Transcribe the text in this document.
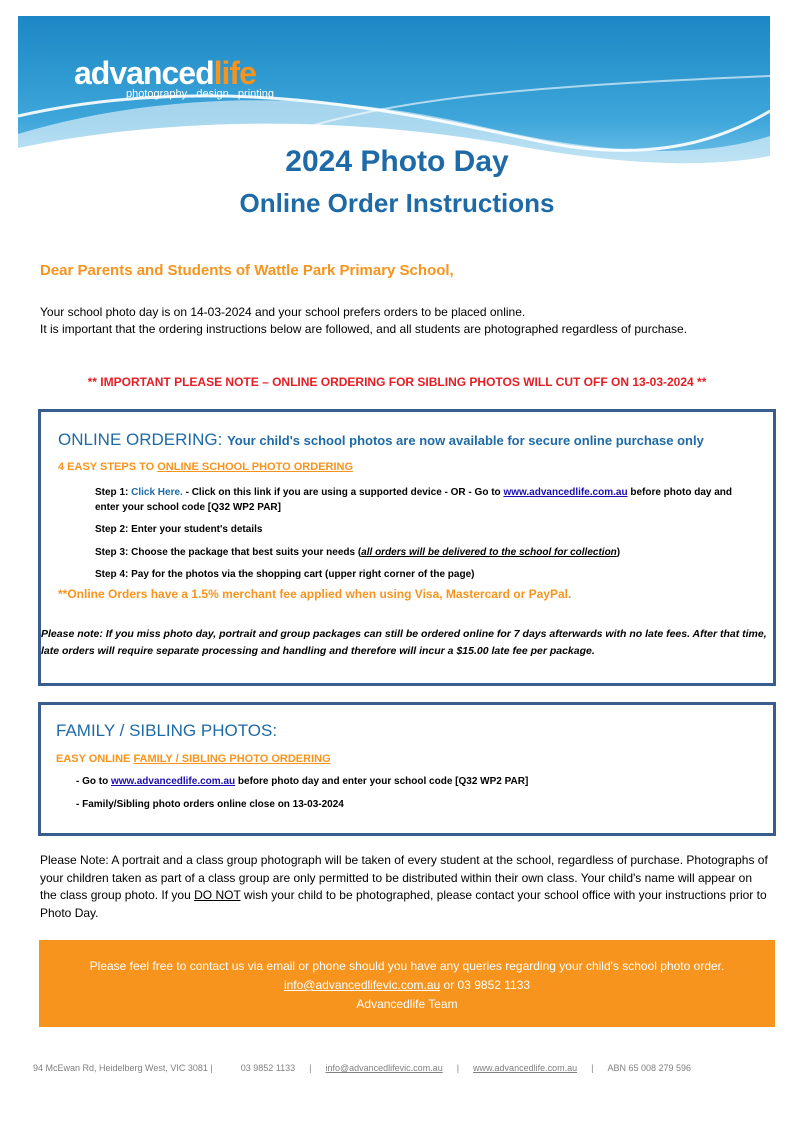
advancedlife
photography . design . printing
2024 Photo Day
Online Order Instructions
Dear Parents and Students of Wattle Park Primary School,
Your school photo day is on 14-03-2024 and your school prefers orders to be placed online.
It is important that the ordering instructions below are followed, and all students are photographed regardless of purchase.
** IMPORTANT PLEASE NOTE – ONLINE ORDERING FOR SIBLING PHOTOS WILL CUT OFF ON 13-03-2024 **
ONLINE ORDERING: Your child's school photos are now available for secure online purchase only
4 EASY STEPS TO ONLINE SCHOOL PHOTO ORDERING
Step 1: Click Here. - Click on this link if you are using a supported device - OR - Go to www.advancedlife.com.au before photo day and enter your school code [Q32 WP2 PAR]
Step 2: Enter your student's details
Step 3: Choose the package that best suits your needs (all orders will be delivered to the school for collection)
Step 4: Pay for the photos via the shopping cart (upper right corner of the page)
**Online Orders have a 1.5% merchant fee applied when using Visa, Mastercard or PayPal.
Please note: If you miss photo day, portrait and group packages can still be ordered online for 7 days afterwards with no late fees. After that time, late orders will require separate processing and handling and therefore will incur a $15.00 late fee per package.
FAMILY / SIBLING PHOTOS:
EASY ONLINE FAMILY / SIBLING PHOTO ORDERING
- Go to www.advancedlife.com.au before photo day and enter your school code [Q32 WP2 PAR]
- Family/Sibling photo orders online close on 13-03-2024
Please Note: A portrait and a class group photograph will be taken of every student at the school, regardless of purchase. Photographs of your children taken as part of a class group are only permitted to be distributed within their own class. Your child's name will appear on the class group photo. If you DO NOT wish your child to be photographed, please contact your school office with your instructions prior to Photo Day.
Please feel free to contact us via email or phone should you have any queries regarding your child's school photo order.
info@advancedlifevic.com.au or 03 9852 1133
Advancedlife Team
94 McEwan Rd, Heidelberg West, VIC 3081 |	03 9852 1133 | info@advancedlifevic.com.au | www.advancedlife.com.au | ABN 65 008 279 596
